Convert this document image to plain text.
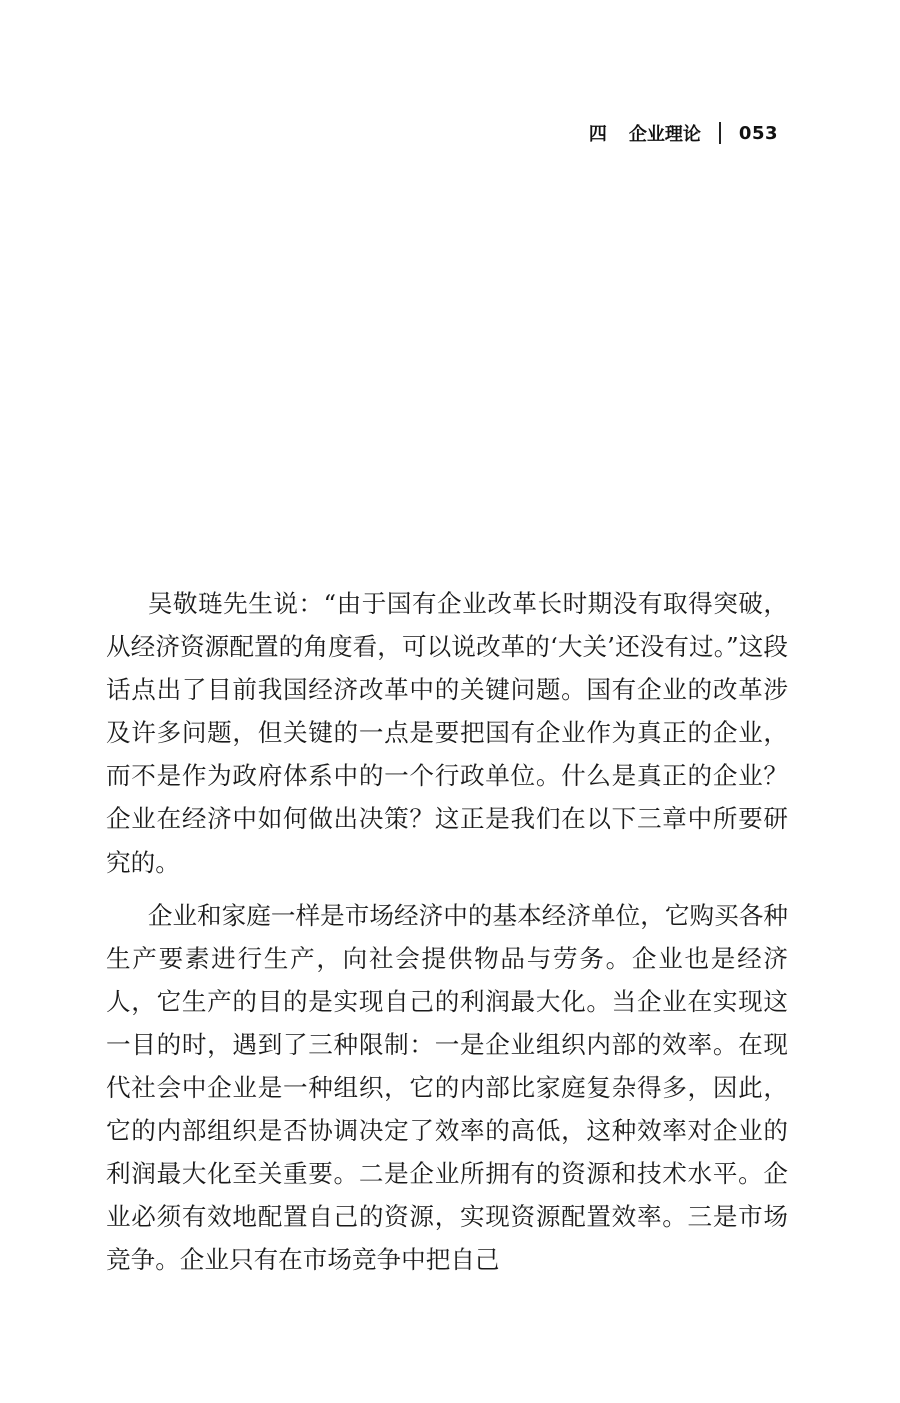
四 企业理论 053

吴敬琏先生说：“由于国有企业改革长时期没有取得突破，从经济资源配置的角度看，可以说改革的‘大关’还没有过。”这段话点出了目前我国经济改革中的关键问题。国有企业的改革涉及许多问题，但关键的一点是要把国有企业作为真正的企业，而不是作为政府体系中的一个行政单位。什么是真正的企业？企业在经济中如何做出决策？这正是我们在以下三章中所要研究的。

企业和家庭一样是市场经济中的基本经济单位，它购买各种生产要素进行生产，向社会提供物品与劳务。企业也是经济人，它生产的目的是实现自己的利润最大化。当企业在实现这一目的时，遇到了三种限制：一是企业组织内部的效率。在现代社会中企业是一种组织，它的内部比家庭复杂得多，因此，它的内部组织是否协调决定了效率的高低，这种效率对企业的利润最大化至关重要。二是企业所拥有的资源和技术水平。企业必须有效地配置自己的资源，实现资源配置效率。三是市场竞争。企业只有在市场竞争中把自己
